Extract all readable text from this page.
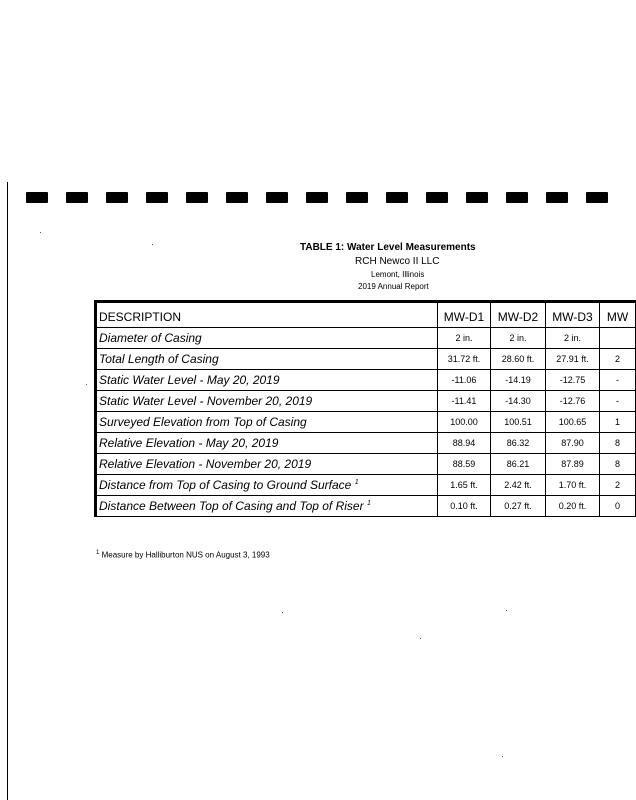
TABLE 1: Water Level Measurements
RCH Newco II LLC
Lemont, Illinois
2019 Annual Report
DESCRIPTION	MW-D1	MW-D2	MW-D3	MW
Diameter of Casing	2 in.	2 in.	2 in.	
Total Length of Casing	31.72 ft.	28.60 ft.	27.91 ft.	2
Static Water Level - May 20, 2019	-11.06	-14.19	-12.75	-
Static Water Level - November 20, 2019	-11.41	-14.30	-12.76	-
Surveyed Elevation from Top of Casing	100.00	100.51	100.65	1
Relative Elevation - May 20, 2019	88.94	86.32	87.90	8
Relative Elevation - November 20, 2019	88.59	86.21	87.89	8
Distance from Top of Casing to Ground Surface $^1$	1.65 ft.	2.42 ft.	1.70 ft.	2
Distance Between Top of Casing and Top of Riser $^1$	0.10 ft.	0.27 ft.	0.20 ft.	0
$^1$ Measure by Halliburton NUS on August 3, 1993
